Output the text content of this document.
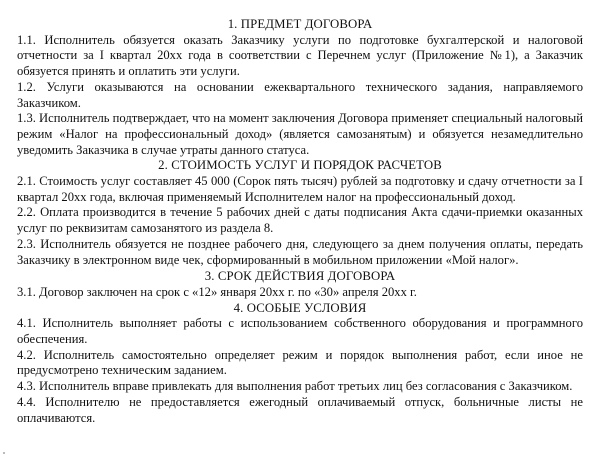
1. ПРЕДМЕТ ДОГОВОРА

1.1. Исполнитель обязуется оказать Заказчику услуги по подготовке бухгалтерской и налоговой отчетности за I квартал 20xx года в соответствии с Перечнем услуг (Приложение №1), а Заказчик обязуется принять и оплатить эти услуги.

1.2. Услуги оказываются на основании ежеквартального технического задания, направляемого Заказчиком.

1.3. Исполнитель подтверждает, что на момент заключения Договора применяет специальный налоговый режим «Налог на профессиональный доход» (является самозанятым) и обязуется незамедлительно уведомить Заказчика в случае утраты данного статуса.

2. СТОИМОСТЬ УСЛУГ И ПОРЯДОК РАСЧЕТОВ

2.1. Стоимость услуг составляет 45 000 (Сорок пять тысяч) рублей за подготовку и сдачу отчетности за I квартал 20xx года, включая применяемый Исполнителем налог на профессиональный доход.

2.2. Оплата производится в течение 5 рабочих дней с даты подписания Акта сдачи-приемки оказанных услуг по реквизитам самозанятого из раздела 8.

2.3. Исполнитель обязуется не позднее рабочего дня, следующего за днем получения оплаты, передать Заказчику в электронном виде чек, сформированный в мобильном приложении «Мой налог».

3. СРОК ДЕЙСТВИЯ ДОГОВОРА

3.1. Договор заключен на срок с «12» января 20xx г. по «30» апреля 20xx г.

4. ОСОБЫЕ УСЛОВИЯ

4.1. Исполнитель выполняет работы с использованием собственного оборудования и программного обеспечения.

4.2. Исполнитель самостоятельно определяет режим и порядок выполнения работ, если иное не предусмотрено техническим заданием.

4.3. Исполнитель вправе привлекать для выполнения работ третьих лиц без согласования с Заказчиком.

4.4. Исполнителю не предоставляется ежегодный оплачиваемый отпуск, больничные листы не оплачиваются.
